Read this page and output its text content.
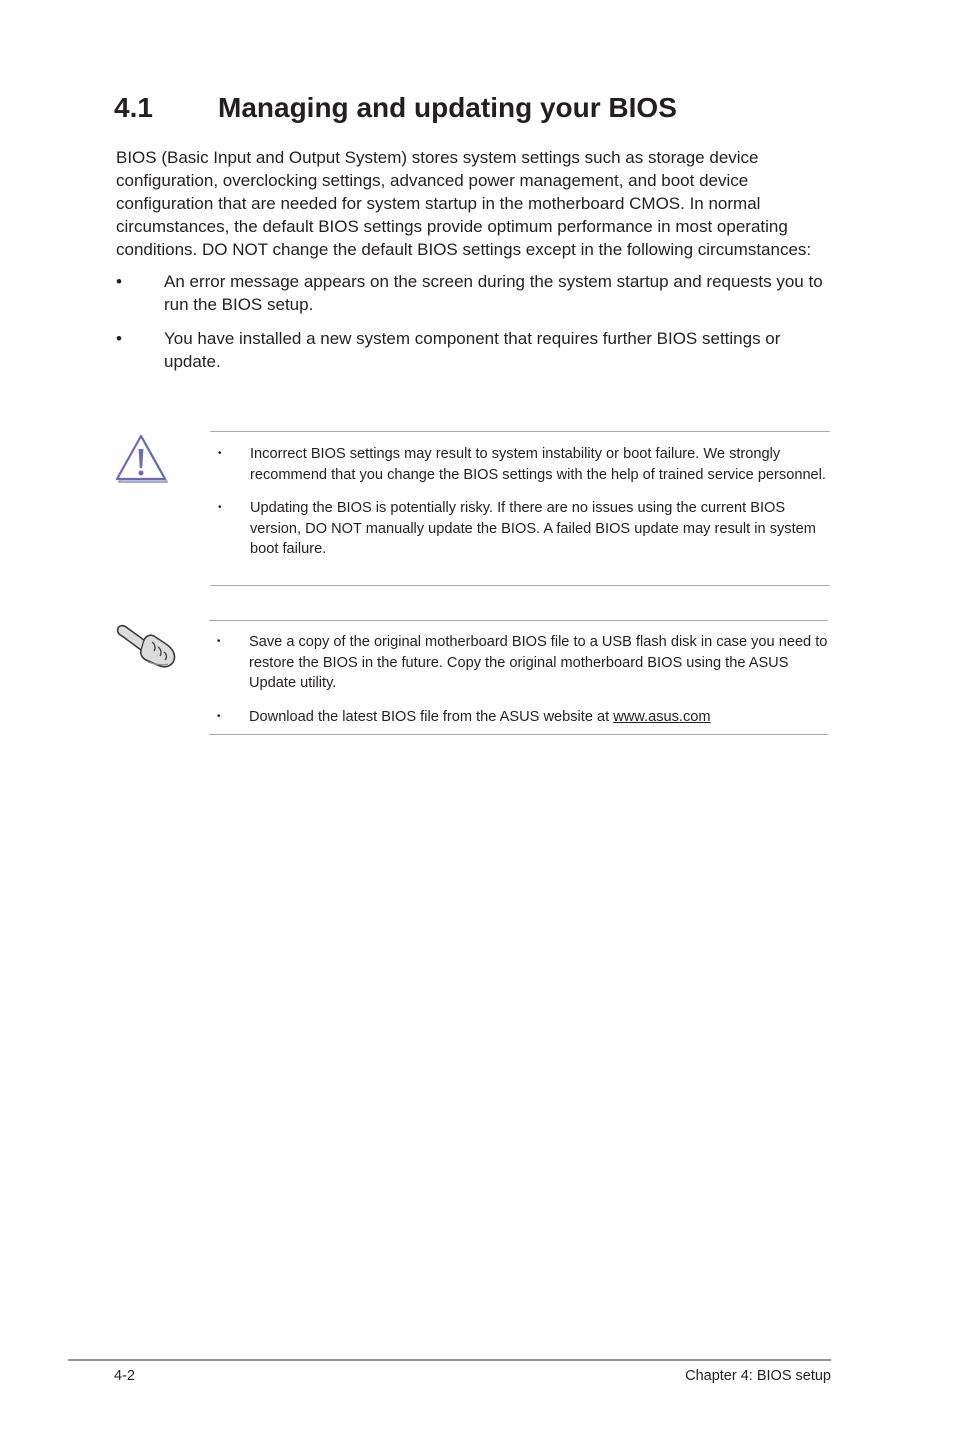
4.1 Managing and updating your BIOS

BIOS (Basic Input and Output System) stores system settings such as storage device configuration, overclocking settings, advanced power management, and boot device configuration that are needed for system startup in the motherboard CMOS. In normal circumstances, the default BIOS settings provide optimum performance in most operating conditions. DO NOT change the default BIOS settings except in the following circumstances:

• An error message appears on the screen during the system startup and requests you to run the BIOS setup.
• You have installed a new system component that requires further BIOS settings or update.
• Incorrect BIOS settings may result to system instability or boot failure. We strongly recommend that you change the BIOS settings with the help of trained service personnel.
• Updating the BIOS is potentially risky. If there are no issues using the current BIOS version, DO NOT manually update the BIOS. A failed BIOS update may result in system boot failure.
• Save a copy of the original motherboard BIOS file to a USB flash disk in case you need to restore the BIOS in the future. Copy the original motherboard BIOS using the ASUS Update utility.
• Download the latest BIOS file from the ASUS website at www.asus.com
4-2	Chapter 4: BIOS setup
